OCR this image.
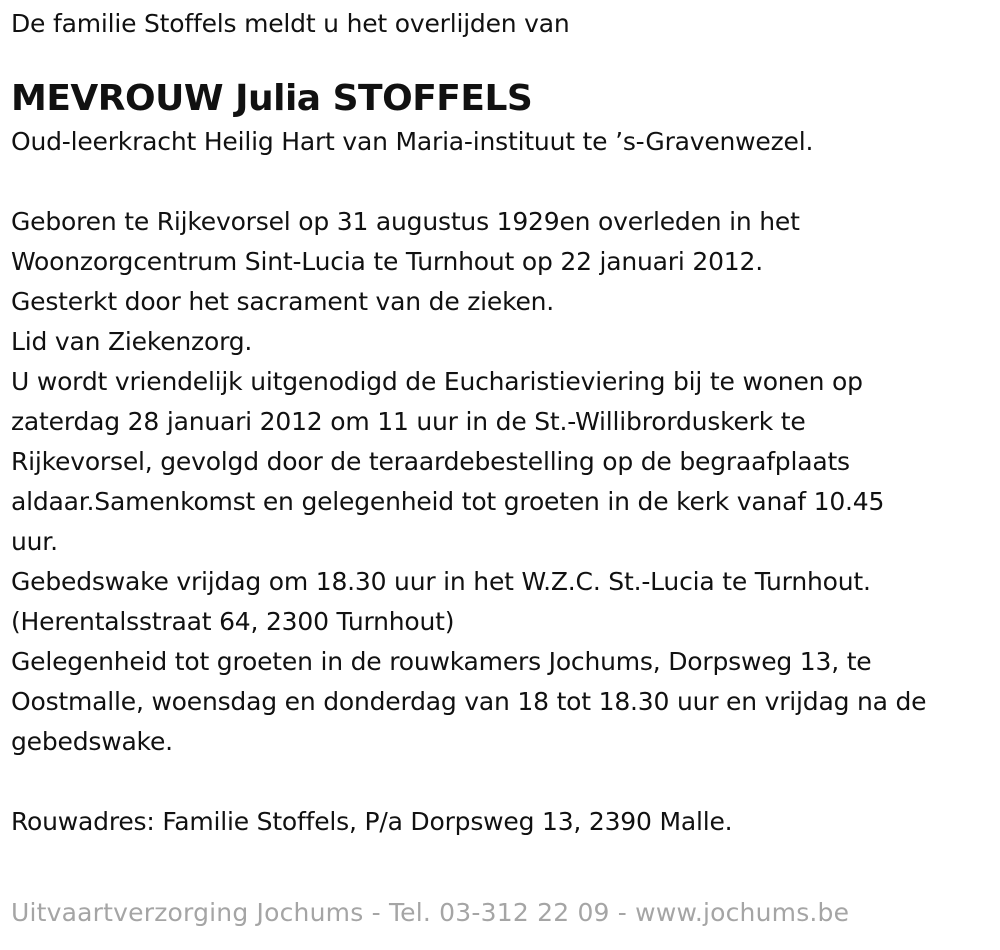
De familie Stoffels meldt u het overlijden van
MEVROUW Julia STOFFELS
Oud-leerkracht Heilig Hart van Maria-instituut te ’s-Gravenwezel.
Geboren te Rijkevorsel op 31 augustus 1929en overleden in het
Woonzorgcentrum Sint-Lucia te Turnhout op 22 januari 2012.
Gesterkt door het sacrament van de zieken.
Lid van Ziekenzorg.
U wordt vriendelijk uitgenodigd de Eucharistieviering bij te wonen op
zaterdag 28 januari 2012 om 11 uur in de St.-Willibrorduskerk te
Rijkevorsel, gevolgd door de teraardebestelling op de begraafplaats
aldaar.Samenkomst en gelegenheid tot groeten in de kerk vanaf 10.45
uur.
Gebedswake vrijdag om 18.30 uur in het W.Z.C. St.-Lucia te Turnhout.
(Herentalsstraat 64, 2300 Turnhout)
Gelegenheid tot groeten in de rouwkamers Jochums, Dorpsweg 13, te
Oostmalle, woensdag en donderdag van 18 tot 18.30 uur en vrijdag na de
gebedswake.
Rouwadres: Familie Stoffels, P/a Dorpsweg 13, 2390 Malle.
Uitvaartverzorging Jochums - Tel. 03-312 22 09 - www.jochums.be
